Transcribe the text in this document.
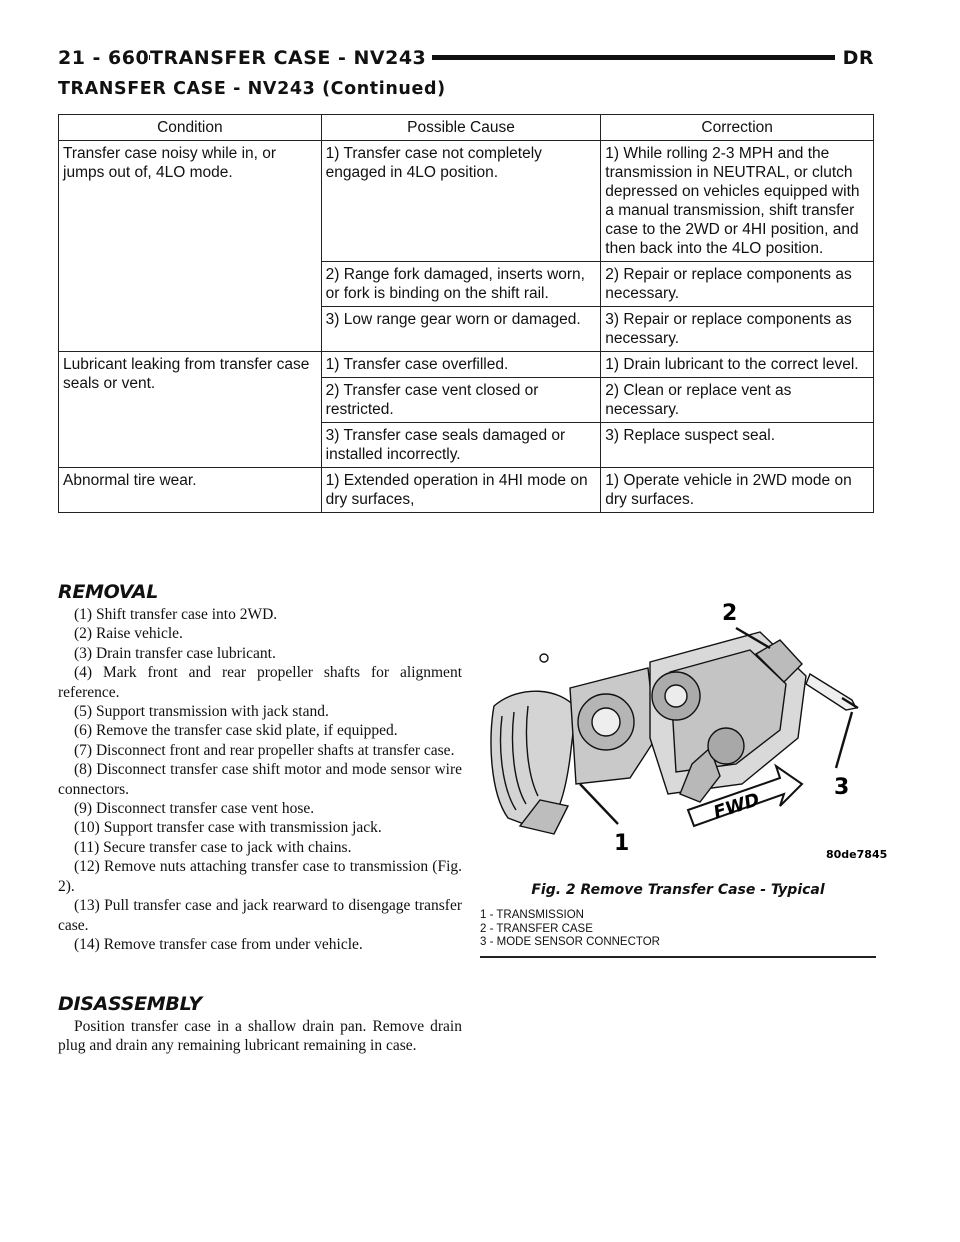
21 - 660 TRANSFER CASE - NV243	DR
TRANSFER CASE - NV243 (Continued)
Condition	Possible Cause	Correction
Transfer case noisy while in, or jumps out of, 4LO mode.	1) Transfer case not completely engaged in 4LO position.	1) While rolling 2-3 MPH and the transmission in NEUTRAL, or clutch depressed on vehicles equipped with a manual transmission, shift transfer case to the 2WD or 4HI position, and then back into the 4LO position.
	2) Range fork damaged, inserts worn, or fork is binding on the shift rail.	2) Repair or replace components as necessary.
	3) Low range gear worn or damaged.	3) Repair or replace components as necessary.
Lubricant leaking from transfer case seals or vent.	1) Transfer case overfilled.	1) Drain lubricant to the correct level.
	2) Transfer case vent closed or restricted.	2) Clean or replace vent as necessary.
	3) Transfer case seals damaged or installed incorrectly.	3) Replace suspect seal.
Abnormal tire wear.	1) Extended operation in 4HI mode on dry surfaces,	1) Operate vehicle in 2WD mode on dry surfaces.
REMOVAL
(1) Shift transfer case into 2WD.
(2) Raise vehicle.
(3) Drain transfer case lubricant.
(4) Mark front and rear propeller shafts for alignment reference.
(5) Support transmission with jack stand.
(6) Remove the transfer case skid plate, if equipped.
(7) Disconnect front and rear propeller shafts at transfer case.
(8) Disconnect transfer case shift motor and mode sensor wire connectors.
(9) Disconnect transfer case vent hose.
(10) Support transfer case with transmission jack.
(11) Secure transfer case to jack with chains.
(12) Remove nuts attaching transfer case to transmission (Fig. 2).
(13) Pull transfer case and jack rearward to disengage transfer case.
(14) Remove transfer case from under vehicle.
DISASSEMBLY

Position transfer case in a shallow drain pan. Remove drain plug and drain any remaining lubricant remaining in case.

FWD
1
2
3
80de7845
Fig. 2 Remove Transfer Case - Typical
1 - TRANSMISSION
2 - TRANSFER CASE
3 - MODE SENSOR CONNECTOR
